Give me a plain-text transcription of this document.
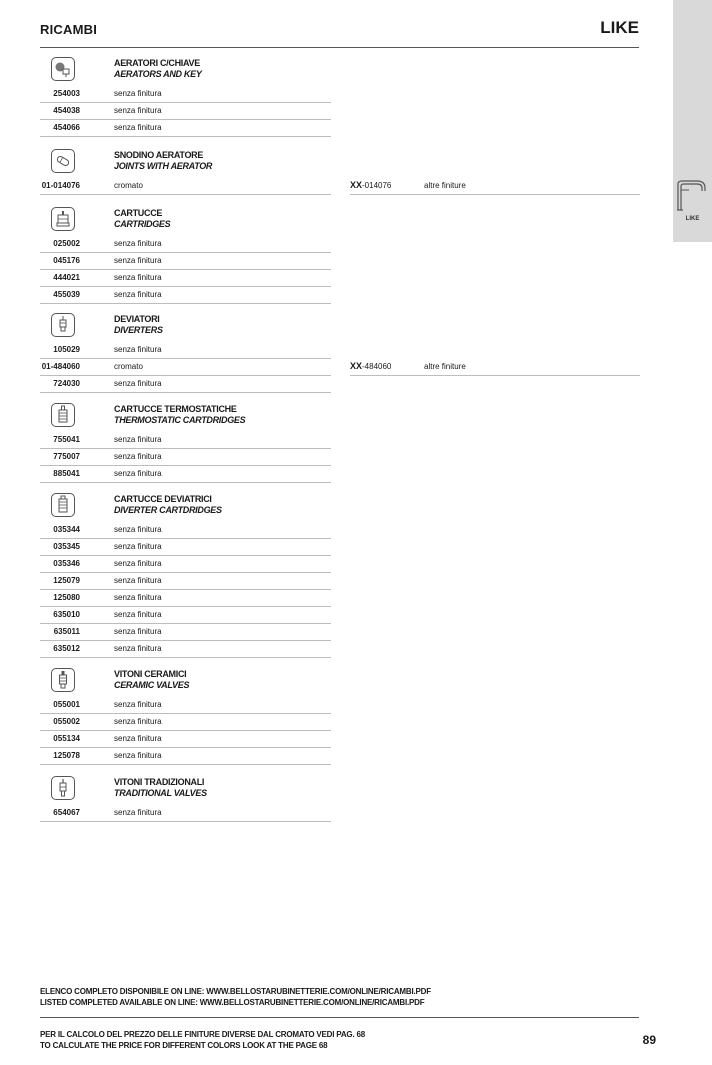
RICAMBI	LIKE
LIKE
AERATORI C/CHIAVE
AERATORS AND KEY
254003	senza finitura
454038	senza finitura
454066	senza finitura
SNODINO AERATORE
JOINTS WITH AERATOR
01-014076	cromato	XX-014076	altre finiture
CARTUCCE
CARTRIDGES
025002	senza finitura
045176	senza finitura
444021	senza finitura
455039	senza finitura
DEVIATORI
DIVERTERS
105029	senza finitura
01-484060	cromato	XX-484060	altre finiture
724030	senza finitura
CARTUCCE TERMOSTATICHE
THERMOSTATIC CARTDRIDGES
755041	senza finitura
775007	senza finitura
885041	senza finitura
CARTUCCE DEVIATRICI
DIVERTER CARTDRIDGES
035344	senza finitura
035345	senza finitura
035346	senza finitura
125079	senza finitura
125080	senza finitura
635010	senza finitura
635011	senza finitura
635012	senza finitura
VITONI CERAMICI
CERAMIC VALVES
055001	senza finitura
055002	senza finitura
055134	senza finitura
125078	senza finitura
VITONI TRADIZIONALI
TRADITIONAL VALVES
654067	senza finitura
ELENCO COMPLETO DISPONIBILE ON LINE: WWW.BELLOSTARUBINETTERIE.COM/ONLINE/RICAMBI.PDF
LISTED COMPLETED AVAILABLE ON LINE: WWW.BELLOSTARUBINETTERIE.COM/ONLINE/RICAMBI.PDF
PER IL CALCOLO DEL PREZZO DELLE FINITURE DIVERSE DAL CROMATO VEDI PAG. 68
TO CALCULATE THE PRICE FOR DIFFERENT COLORS LOOK AT THE PAGE 68	89
